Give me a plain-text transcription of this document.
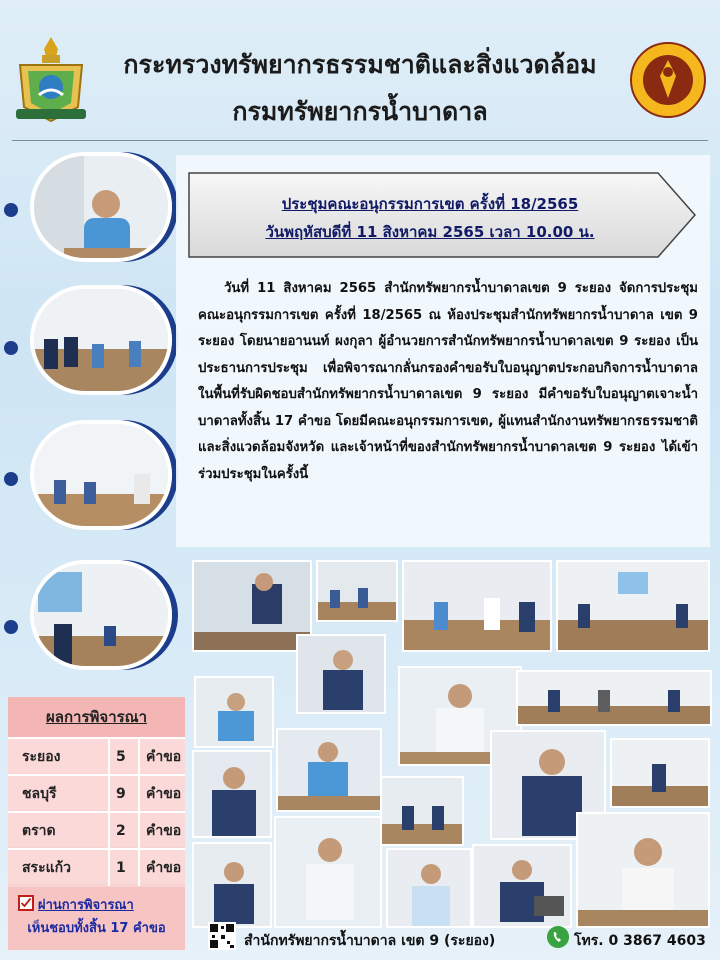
กระทรวงทรัพยากรธรรมชาติและสิ่งแวดล้อม
กรมทรัพยากรน้ำบาดาล
ประชุมคณะอนุกรรมการเขต ครั้งที่ 18/2565
วันพฤหัสบดีที่ 11 สิงหาคม 2565 เวลา 10.00 น.
วันที่ 11 สิงหาคม 2565 สำนักทรัพยากรน้ำบาดาลเขต 9 ระยอง จัดการประชุมคณะอนุกรรมการเขต ครั้งที่ 18/2565 ณ ห้องประชุมสำนักทรัพยากรน้ำบาดาล เขต 9 ระยอง โดยนายอานนท์ ผงกุลา ผู้อำนวยการสำนักทรัพยากรน้ำบาดาลเขต 9 ระยอง เป็นประธานการประชุม เพื่อพิจารณากลั่นกรองคำขอรับใบอนุญาตประกอบกิจการน้ำบาดาลในพื้นที่รับผิดชอบสำนักทรัพยากรน้ำบาดาลเขต 9 ระยอง มีคำขอรับใบอนุญาตเจาะน้ำบาดาลทั้งสิ้น 17 คำขอ โดยมีคณะอนุกรรมการเขต, ผู้แทนสำนักงานทรัพยากรธรรมชาติและสิ่งแวดล้อมจังหวัด และเจ้าหน้าที่ของสำนักทรัพยากรน้ำบาดาลเขต 9 ระยอง ได้เข้าร่วมประชุมในครั้งนี้
ผลการพิจารณา
ระยอง	5 คำขอ
ชลบุรี	9 คำขอ
ตราด	2 คำขอ
สระแก้ว	1 คำขอ
ผ่านการพิจารณา
เห็นชอบทั้งสิ้น 17 คำขอ
สำนักทรัพยากรน้ำบาดาล เขต 9 (ระยอง)	โทร. 0 3867 4603
